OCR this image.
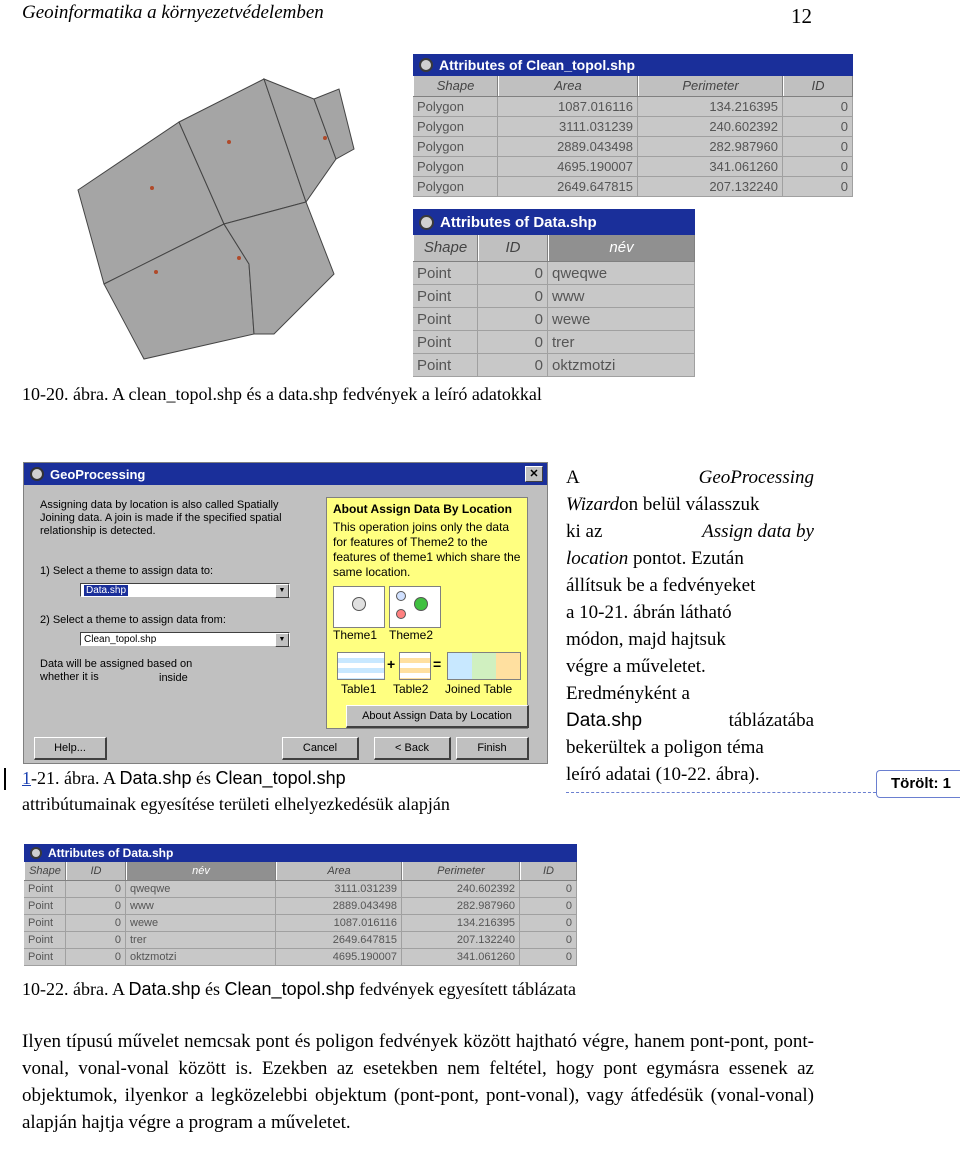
Geoinformatika a környezetvédelemben	12
Attributes of Clean_topol.shp
Shape	Area	Perimeter	ID
Polygon	1087.016116	134.216395	0
Polygon	3111.031239	240.602392	0
Polygon	2889.043498	282.987960	0
Polygon	4695.190007	341.061260	0
Polygon	2649.647815	207.132240	0
Attributes of Data.shp
Shape	ID	név
Point	0 qweqwe
Point	0 www
Point	0 wewe
Point	0 trer
Point	0 oktzmotzi
10-20. ábra. A clean_topol.shp és a data.shp fedvények a leíró adatokkal
GeoProcessing	✕
Assigning data by location is also called Spatially Joining data. A join is made if the specified spatial relationship is detected.
1) Select a theme to assign data to:
Data.shp	▼
2) Select a theme to assign data from:
Clean_topol.shp	▼
Data will be assigned based on whether it is	inside
About Assign Data By Location
This operation joins only the data for features of Theme2 to the features of theme1 which share the same location.
Theme1 Theme2
+	=
Table1 Table2 Joined Table
About Assign Data by Location
Help...	Cancel	< Back	Finish
1-21. ábra. A Data.shp és Clean_topol.shp
attribútumainak egyesítése területi elhelyezkedésük alapján
A	GeoProcessing
Wizardon belül válasszuk
ki az	Assign data by
location pontot. Ezután
állítsuk be a fedvényeket
a 10-21. ábrán látható
módon, majd hajtsuk
végre a műveletet.
Eredményként a
Data.shp	táblázatába
bekerültek a poligon téma
leíró adatai (10-22. ábra).	Törölt: 1
Attributes of Data.shp
Shape	ID	név	Area	Perimeter	ID
Point	0 qweqwe	3111.031239	240.602392	0
Point	0 www	2889.043498	282.987960	0
Point	0 wewe	1087.016116	134.216395	0
Point	0 trer	2649.647815	207.132240	0
Point	0 oktzmotzi	4695.190007	341.061260	0
10-22. ábra. A Data.shp és Clean_topol.shp fedvények egyesített táblázata
Ilyen típusú művelet nemcsak pont és poligon fedvények között hajtható végre, hanem pont-pont, pont-vonal, vonal-vonal között is. Ezekben az esetekben nem feltétel, hogy pont egymásra essenek az objektumok, ilyenkor a legközelebbi objektum (pont-pont, pont-vonal), vagy átfedésük (vonal-vonal) alapján hajtja végre a program a műveletet.
